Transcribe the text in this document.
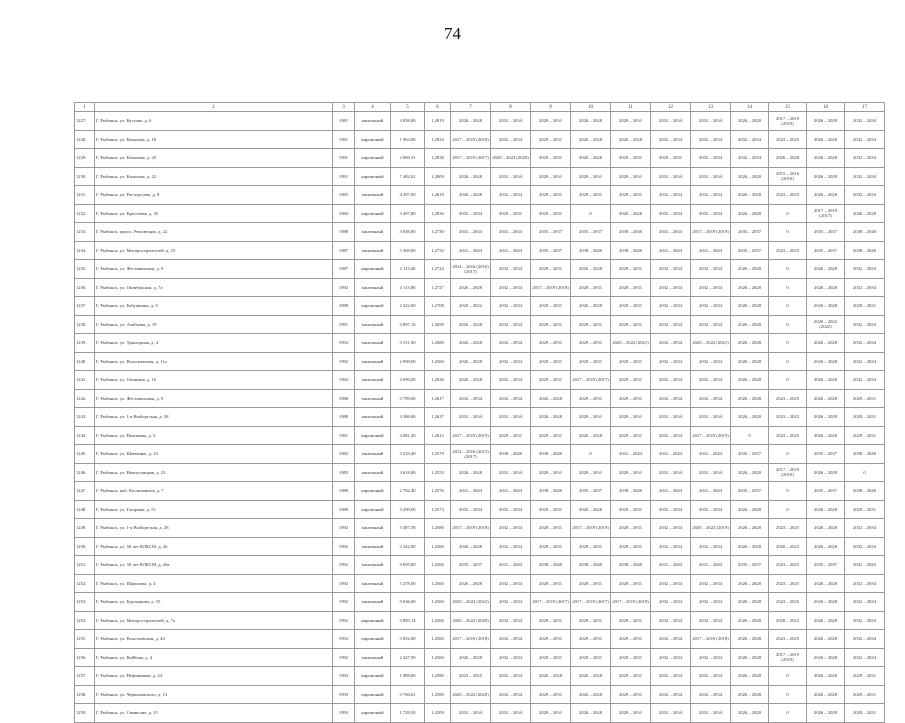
74
1	2	3	4	5	6	7	8	9	10	11	12	13	14	15	16	17
1227.	Г. Рыбинск, ул. Кустова, д. 6	1981	панельный	3 858,00	1,2819	2026 – 2028	2032 – 2034	2029 – 2031	2026 – 2028	2029 – 2031	2032 – 2034	2032 – 2034	2026 – 2028	2017 – 2019 (2019)	2026 – 2028	2032 – 2034
1228.	Г. Рыбинск, ул. Качалова, д. 18	1991	кирпичный	1 963,80	1,2834	2017 – 2019 (2018)	2032 – 2034	2029 – 2031	2026 – 2028	2026 – 2028	2032 – 2034	2032 – 2034	2032 – 2034	2023 – 2025	2026 – 2028	2032 – 2034
1229.	Г. Рыбинск, ул. Качалова, д. 20	1991	кирпичный	2 069,31	1,2838	2017 – 2019 (2017)	2020 – 2022 (2020)	2029 – 2031	2026 – 2028	2029 – 2031	2029 – 2031	2032 – 2034	2032 – 2034	2026 – 2028	2026 – 2028	2032 – 2034
1230.	Г. Рыбинск, ул. Качалова, д. 22	1991	кирпичный	7 482,01	1,2809	2026 – 2028	2032 – 2034	2029 – 2031	2029 – 2031	2029 – 2031	2032 – 2034	2032 – 2034	2026 – 2028	2015 – 2016 (2016)	2026 – 2028	2032 – 2034
1231.	Г. Рыбинск, ул. Расторгуева, д. 8	1983	панельный	4 297,00	1,2618	2026 – 2028	2032 – 2034	2029 – 2031	2029 – 2031	2029 – 2031	2032 – 2034	2032 – 2034	2026 – 2028	2023 – 2025	2026 – 2028	2032 – 2034
1232.	Г. Рыбинск, ул. Крестовая, д. 45	1984	кирпичный	3 497,80	1,2836	2032 – 2034	2029 – 2031	2029 – 2031	0	2026 – 2028	2032 – 2034	2032 – 2034	2026 – 2028	0	2017 – 2019 (2017)	2026 – 2028
1233.	Г. Рыбинск, просп. Революции, д. 22	1988	панельный	3 046,80	1,2730	2041 – 2043	2041 – 2043	2035 – 2037	2035 – 2037	2038 – 2040	2041 – 2043	2017 – 2019 (2019)	2035 – 2037	0	2035 – 2037	2038 – 2040
1234.	Г. Рыбинск, ул. Моторостроителей, д. 25	1987	панельный	5 369,00	1,2732	2041 – 2043	2041 – 2043	2035 – 2037	2038 – 2040	2038 – 2040	2041 – 2043	2041 – 2043	2035 – 2037	2023 – 2025	2035 – 2037	2038 – 2040
1235.	Г. Рыбинск, ул. Фестивальная, д. 9	1987	кирпичный	2 113,40	1,2724	2014 – 2016 (2016) (2017)	2032 – 2034	2029 – 2031	2026 – 2028	2029 – 2031	2032 – 2034	2032 – 2034	2026 – 2028	0	2026 – 2028	2032 – 2034
1236.	Г. Рыбинск, ул. Октябрьская, д. 7а	1992	панельный	4 113,80	1,2727	2026 – 2028	2032 – 2034	2017 – 2019 (2018)	2029 – 2031	2029 – 2031	2032 – 2034	2032 – 2034	2026 – 2028	0	2026 – 2028	2032 – 2034
1237.	Г. Рыбинск, ул. Бабушкина, д. 9	1988	кирпичный	2 322,00	1,2708	2020 – 2022	2032 – 2034	2029 – 2031	2026 – 2028	2029 – 2031	2032 – 2034	2032 – 2034	2026 – 2028	0	2026 – 2028	2029 – 2031
1238.	Г. Рыбинск, ул. Алябьева, д. 19	1991	панельный	3 997,10	1,2699	2026 – 2028	2032 – 2034	2029 – 2031	2029 – 2031	2029 – 2031	2032 – 2034	2032 – 2034	2026 – 2028	0	2020 – 2022 (2022)	2032 – 2034
1239.	Г. Рыбинск, ул. Тракторная, д. 4	1992	панельный	3 151,00	1,2680	2026 – 2028	2032 – 2034	2029 – 2031	2029 – 2031	2020 – 2022 (2021)	2032 – 2034	2020 – 2022 (2021)	2026 – 2028	0	2026 – 2028	2032 – 2034
1240.	Г. Рыбинск, ул. Волочаевская, д. 11а	1992	панельный	2 090,00	1,2560	2026 – 2028	2032 – 2034	2029 – 2031	2029 – 2031	2029 – 2031	2032 – 2034	2032 – 2034	2026 – 2028	0	2026 – 2028	2032 – 2034
1241.	Г. Рыбинск, ул. Олимпия, д. 16	1992	панельный	4 090,00	1,2630	2026 – 2028	2032 – 2034	2029 – 2031	2017 – 2019 (2017)	2029 – 2031	2032 – 2034	2032 – 2034	2026 – 2028	0	2026 – 2028	2032 – 2034
1242.	Г. Рыбинск, ул. Фестивальная, д. 9	1988	панельный	3 789,00	1,2617	2032 – 2034	2032 – 2034	2026 – 2028	2029 – 2031	2029 – 2031	2032 – 2034	2032 – 2034	2026 – 2028	2023 – 2025	2026 – 2028	2029 – 2031
1243.	Г. Рыбинск, ул. 1-я Выборгская, д. 38	1988	панельный	3 386,00	1,2637	2032 – 2034	2032 – 2034	2026 – 2028	2029 – 2031	2029 – 2031	2032 – 2034	2032 – 2034	2026 – 2028	2023 – 2025	2026 – 2028	2029 – 2031
1244.	Г. Рыбинск, ул. Нахимова, д. 3	1991	кирпичный	4 081,20	1,2612	2017 – 2019 (2019)	2029 – 2031	2029 – 2031	2026 – 2028	2029 – 2031	2032 – 2034	2017 – 2019 (2019)	0	2023 – 2025	2026 – 2028	2029 – 2031
1245.	Г. Рыбинск, ул. Шевченко, д. 23	1983	панельный	3 335,40	1,2579	2014 – 2016 (2015) (2017)	2038 – 2040	2038 – 2040	0	2041 – 2043	2041 – 2043	2041 – 2043	2035 – 2037	0	2035 – 2037	2038 – 2040
1246.	Г. Рыбинск, ул. Новоуглицкая, д. 23	1983	панельный	3 618,00	1,2553	2026 – 2028	2032 – 2034	2029 – 2031	2029 – 2031	2029 – 2031	2032 – 2034	2032 – 2034	2026 – 2028	2017 – 2019 (2019)	2026 – 2028	0
1247.	Г. Рыбинск, наб. Космонавтов, д. 7	1989	кирпичный	2 762,40	1,2576	2041 – 2043	2041 – 2043	2038 – 2040	2035 – 2037	2038 – 2040	2041 – 2043	2041 – 2043	2035 – 2037	0	2035 – 2037	2038 – 2040
1248.	Г. Рыбинск, ул. Гагарина, д. 51	1989	кирпичный	3 290,00	1,2573	2032 – 2034	2032 – 2034	2029 – 2031	2026 – 2028	2029 – 2031	2032 – 2034	2032 – 2034	2026 – 2028	0	2026 – 2028	2029 – 2031
1249.	Г. Рыбинск, ул. 1-я Выборгская, д. 28	1992	панельный	5 487,58	1,2580	2017 – 2019 (2018)	2032 – 2034	2029 – 2031	2017 – 2019 (2019)	2029 – 2031	2032 – 2034	2020 – 2022 (2019)	2026 – 2028	2023 – 2025	2026 – 2028	2032 – 2034
1250.	Г. Рыбинск, ул. 50 лет ВЛКСМ, д. 26	1992	панельный	3 342,80	1,2560	2026 – 2028	2032 – 2034	2029 – 2031	2029 – 2031	2029 – 2031	2032 – 2034	2032 – 2034	2026 – 2028	2020 – 2022	2026 – 2028	2032 – 2034
1251.	Г. Рыбинск, ул. 50 лет ВЛКСМ, д. 26а	1992	панельный	3 695,00	1,2560	2035 – 2037	2041 – 2043	2038 – 2040	2038 – 2040	2038 – 2040	2041 – 2043	2041 – 2043	2035 – 2037	2023 – 2025	2035 – 2037	2041 – 2043
1252.	Г. Рыбинск, ул. Шарохова, д. 4	1992	панельный	5 478,00	1,2560	2026 – 2028	2032 – 2034	2029 – 2031	2029 – 2031	2029 – 2031	2032 – 2034	2032 – 2034	2026 – 2028	2023 – 2025	2026 – 2028	2032 – 2034
1253.	Г. Рыбинск, ул. Бурлацкова, д. 35	1992	панельный	5 636,00	1,2560	2020 – 2022 (2022)	2032 – 2034	2017 – 2019 (2017)	2017 – 2019 (2017)	2017 – 2019 (2019)	2032 – 2034	2032 – 2034	2026 – 2028	2023 – 2025	2026 – 2028	2032 – 2034
1254.	Г. Рыбинск, ул. Моторостроителей, д. 7а	1992	кирпичный	3 885,14	1,2560	2020 – 2022 (2020)	2032 – 2034	2029 – 2031	2029 – 2031	2029 – 2031	2032 – 2034	2032 – 2034	2026 – 2028	2020 – 2022	2026 – 2028	2032 – 2034
1255.	Г. Рыбинск, ул. Волочаевская, д. 44	1992	кирпичный	3 852,00	1,2560	2017 – 2019 (2018)	2032 – 2034	2029 – 2031	2029 – 2031	2029 – 2031	2032 – 2034	2017 – 2019 (2018)	2026 – 2028	2023 – 2025	2026 – 2028	2032 – 2034
1256.	Г. Рыбинск, ул. Куйбова, д. 4	1992	панельный	2 427,99	1,2560	2026 – 2028	2032 – 2034	2029 – 2031	2029 – 2031	2029 – 2031	2032 – 2034	2032 – 2034	2026 – 2028	2017 – 2019 (2019)	2026 – 2028	2032 – 2034
1257.	Г. Рыбинск, ул. Нефтяников, д. 24	1993	кирпичный	1 988,00	1,2580	2023 – 2025	2032 – 2034	2026 – 2028	2026 – 2028	2029 – 2031	2032 – 2034	2032 – 2034	2026 – 2028	0	2026 – 2028	2029 – 2031
1258.	Г. Рыбинск, ул. Черпановского, д. 13	1993	кирпичный	3 786,61	1,2580	2020 – 2022 (2020)	2032 – 2034	2029 – 2031	2026 – 2028	2029 – 2031	2032 – 2034	2032 – 2034	2026 – 2028	0	2026 – 2028	2029 – 2031
1259.	Г. Рыбинск, ул. Символие, д. 15	1993	кирпичный	1 729,50	1,2209	2032 – 2034	2032 – 2034	2029 – 2031	2026 – 2028	2029 – 2031	2032 – 2034	2032 – 2034	2026 – 2028	0	2026 – 2028	2029 – 2031
